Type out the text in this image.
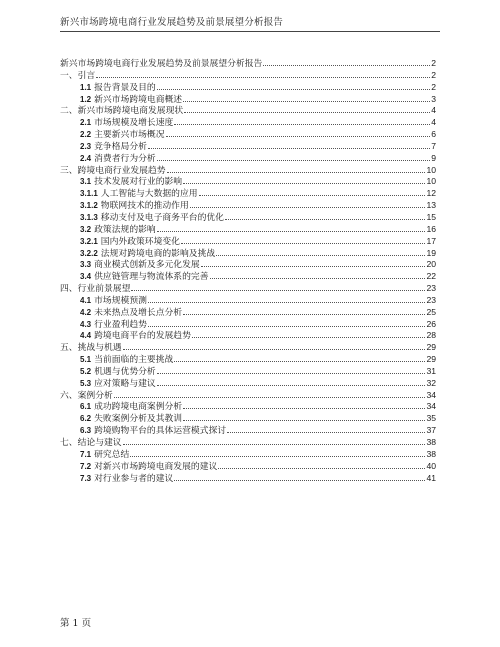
新兴市场跨境电商行业发展趋势及前景展望分析报告
新兴市场跨境电商行业发展趋势及前景展望分析报告	2
一、引言	2
1.1 报告背景及目的	2
1.2 新兴市场跨境电商概述	3
二、新兴市场跨境电商发展现状	4
2.1 市场规模及增长速度	4
2.2 主要新兴市场概况	6
2.3 竞争格局分析	7
2.4 消费者行为分析	9
三、跨境电商行业发展趋势	10
3.1 技术发展对行业的影响	10
3.1.1 人工智能与大数据的应用	12
3.1.2 物联网技术的推动作用	13
3.1.3 移动支付及电子商务平台的优化	15
3.2 政策法规的影响	16
3.2.1 国内外政策环境变化	17
3.2.2 法规对跨境电商的影响及挑战	19
3.3 商业模式创新及多元化发展	20
3.4 供应链管理与物流体系的完善	22
四、行业前景展望	23
4.1 市场规模预测	23
4.2 未来热点及增长点分析	25
4.3 行业盈利趋势	26
4.4 跨境电商平台的发展趋势	28
五、挑战与机遇	29
5.1 当前面临的主要挑战	29
5.2 机遇与优势分析	31
5.3 应对策略与建议	32
六、案例分析	34
6.1 成功跨境电商案例分析	34
6.2 失败案例分析及其教训	35
6.3 跨境购物平台的具体运营模式探讨	37
七、结论与建议	38
7.1 研究总结	38
7.2 对新兴市场跨境电商发展的建议	40
7.3 对行业参与者的建议	41
第 1 页
